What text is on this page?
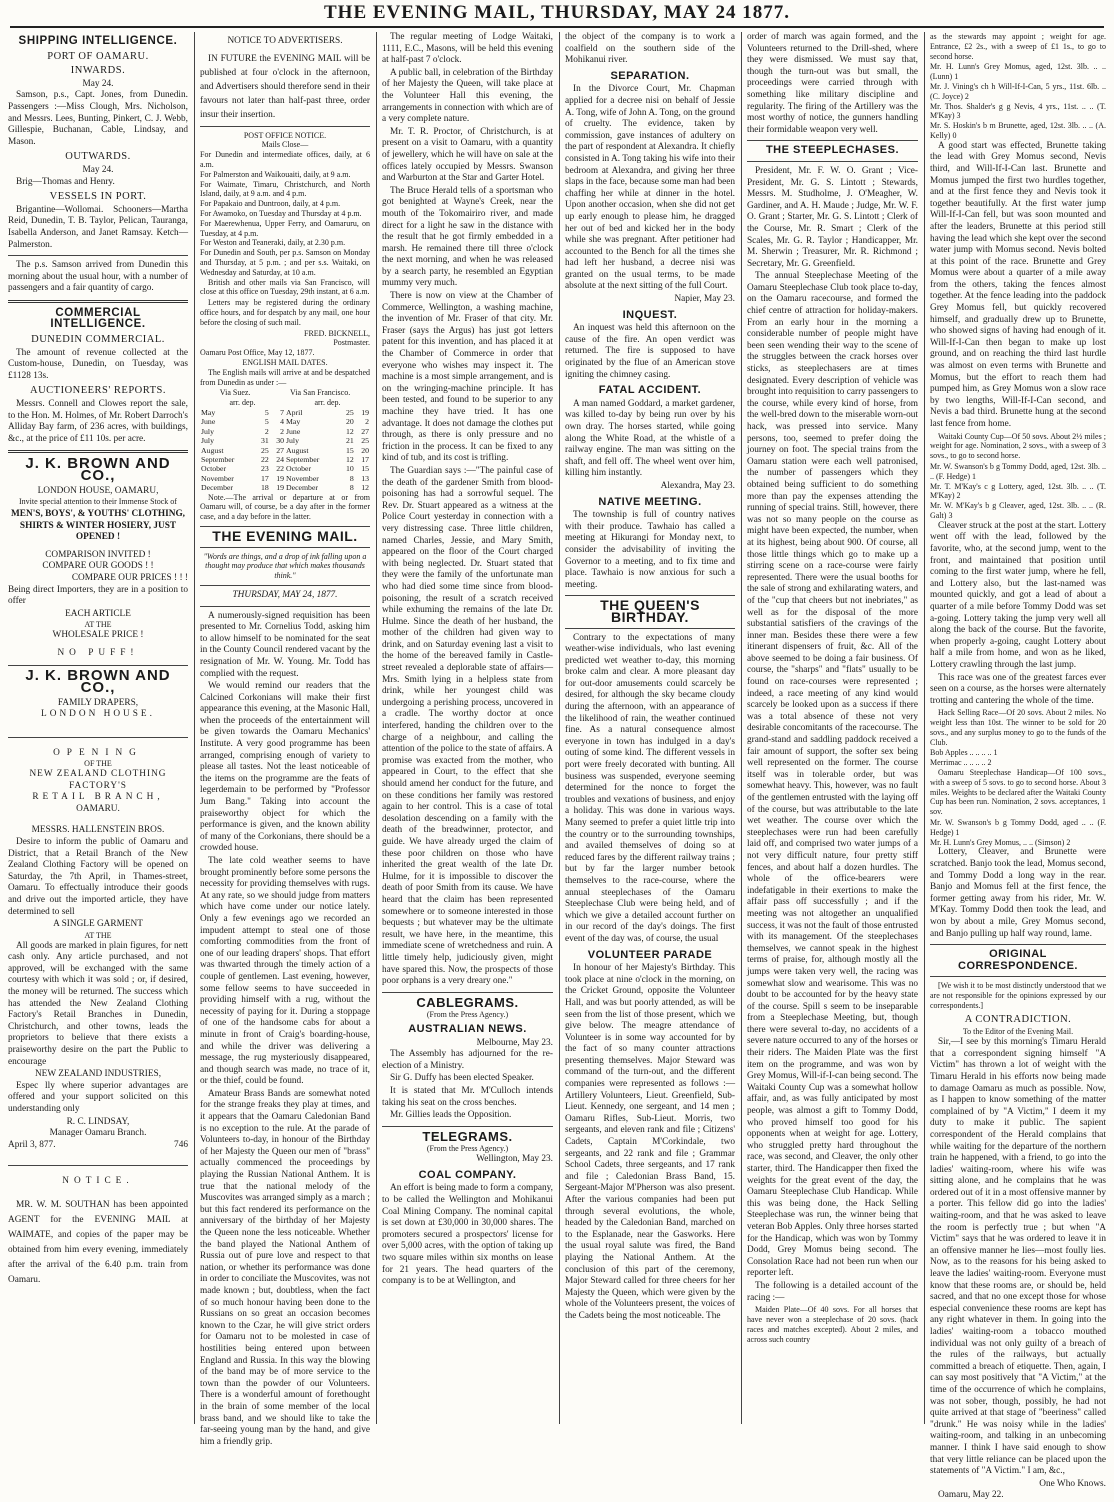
THE EVENING MAIL, THURSDAY, MAY 24 1877.
SHIPPING INTELLIGENCE.
PORT OF OAMARU.
INWARDS.
May 24.

Samson, p.s., Capt. Jones, from Dunedin. Passengers :—Miss Clough, Mrs. Nicholson, and Messrs. Lees, Bunting, Pinkert, C. J. Webb, Gillespie, Buchanan, Cable, Lindsay, and Mason.

OUTWARDS.
May 24.

Brig—Thomas and Henry.

VESSELS IN PORT.

Brigantine—Wollomai. Schooners—Martha Reid, Dunedin, T. B. Taylor, Pelican, Tauranga, Isabella Anderson, and Janet Ramsay. Ketch—Palmerston.

The p.s. Samson arrived from Dunedin this morning about the usual hour, with a number of passengers and a fair quantity of cargo.

COMMERCIAL INTELLIGENCE.
DUNEDIN COMMERCIAL.

The amount of revenue collected at the Custom-house, Dunedin, on Tuesday, was £1128 13s.

AUCTIONEERS' REPORTS.

Messrs. Connell and Clowes report the sale, to the Hon. M. Holmes, of Mr. Robert Darroch's Alliday Bay farm, of 236 acres, with buildings, &c., at the price of £11 10s. per acre.

J. K. BROWN AND CO.,
LONDON HOUSE, OAMARU,
Invite special attention to their Immense Stock of
MEN'S, BOYS', & YOUTHS' CLOTHING, SHIRTS & WINTER HOSIERY, JUST OPENED !
COMPARISON INVITED !
COMPARE OUR GOODS ! !
COMPARE OUR PRICES ! ! !

Being direct Importers, they are in a position to offer

EACH ARTICLE
AT THE
WHOLESALE PRICE !
NO PUFF!
J. K. BROWN AND CO.,
FAMILY DRAPERS,
LONDON HOUSE.
OPENING
OF THE
NEW ZEALAND CLOTHING FACTORY'S
RETAIL BRANCH,
OAMARU.
MESSRS. HALLENSTEIN BROS.

Desire to inform the public of Oamaru and District, that a Retail Branch of the New Zealand Clothing Factory will be opened on Saturday, the 7th April, in Thames-street, Oamaru. To effectually introduce their goods and drive out the imported article, they have determined to sell

A SINGLE GARMENT
AT THE

All goods are marked in plain figures, for nett cash only. Any article purchased, and not approved, will be exchanged with the same courtesy with which it was sold ; or, if desired, the money will be returned. The success which has attended the New Zealand Clothing Factory's Retail Branches in Dunedin, Christchurch, and other towns, leads the proprietors to believe that there exists a praiseworthy desire on the part the Public to encourage

NEW ZEALAND INDUSTRIES,

Espec lly where superior advantages are offered and your support solicited on this understanding only

R. C. LINDSAY,
Manager Oamaru Branch.
April 3, 877.	746
NOTICE.

MR. W. M. SOUTHAN has been appointed AGENT for the EVENING MAIL at WAIMATE, and copies of the paper may be obtained from him every evening, immediately after the arrival of the 6.40 p.m. train from Oamaru.

NOTICE TO ADVERTISERS.

IN FUTURE the EVENING MAIL will be published at four o'clock in the afternoon, and Advertisers should therefore send in their favours not later than half-past three, order insur their insertion.

POST OFFICE NOTICE.
Mails Close—
For Dunedin and intermediate offices, daily, at 6 a.m.
For Palmerston and Waikouaiti, daily, at 9 a.m.
For Waimate, Timaru, Christchurch, and North Island, daily, at 9 a.m. and 4 p.m.
For Papakaio and Duntroon, daily, at 4 p.m.
For Awamoko, on Tuesday and Thursday at 4 p.m.
For Maerewhenua, Upper Ferry, and Oamaruru, on Tuesday, at 4 p.m.
For Weston and Teaneraki, daily, at 2.30 p.m.
For Dunedin and South, per p.s. Samson on Monday and Thursday, at 5 p.m. ; and per s.s. Waitaki, on Wednesday and Saturday, at 10 a.m.

British and other mails via San Francisco, will close at this office on Tuesday, 29th instant, at 6 a.m.

Letters may be registered during the ordinary office hours, and for despatch by any mail, one hour before the closing of such mail.

FRED. BICKNELL,
Postmaster.
Oamaru Post Office, May 12, 1877.
ENGLISH MAIL DATES.

The English mails will arrive at and be despatched from Dunedin as under :—

Via Suez.	Via San Francisco.
arr. dep.	arr. dep.
May	5	7	April	25	19
June	5	4	May	20	2
July	2	2	June	12	27
July	31	30	July	21	25
August	25	27	August	15	20
September	22	24	September	12	17
October	23	22	October	10	15
November	17	19	November	8	13
December	18	19	December	8	12

Note.—The arrival or departure at or from Oamaru will, of course, be a day after in the former case, and a day before in the latter.

THE EVENING MAIL.
"Words are things, and a drop of ink falling upon a thought may produce that which makes thousands think."
THURSDAY, MAY 24, 1877.

A numerously-signed requisition has been presented to Mr. Cornelius Todd, asking him to allow himself to be nominated for the seat in the County Council rendered vacant by the resignation of Mr. W. Young. Mr. Todd has complied with the request.

We would remind our readers that the Calcined Corkonians will make their first appearance this evening, at the Masonic Hall, when the proceeds of the entertainment will be given towards the Oamaru Mechanics' Institute. A very good programme has been arranged, comprising enough of variety to please all tastes. Not the least noticeable of the items on the programme are the feats of legerdemain to be performed by "Professor Jum Bang." Taking into account the praiseworthy object for which the performance is given, and the known ability of many of the Corkonians, there should be a crowded house.

The late cold weather seems to have brought prominently before some persons the necessity for providing themselves with rugs. At any rate, so we should judge from matters which have come under our notice lately. Only a few evenings ago we recorded an impudent attempt to steal one of those comforting commodities from the front of one of our leading drapers' shops. That effort was thwarted through the timely action of a couple of gentlemen. Last evening, however, some fellow seems to have succeeded in providing himself with a rug, without the necessity of paying for it. During a stoppage of one of the handsome cabs for about a minute in front of Craig's boarding-house, and while the driver was delivering a message, the rug mysteriously disappeared, and though search was made, no trace of it, or the thief, could be found.

Amateur Brass Bands are somewhat noted for the strange freaks they play at times, and it appears that the Oamaru Caledonian Band is no exception to the rule. At the parade of Volunteers to-day, in honour of the Birthday of her Majesty the Queen our men of "brass" actually commenced the proceedings by playing the Russian National Anthem. It is true that the national melody of the Muscovites was arranged simply as a march ; but this fact rendered its performance on the anniversary of the birthday of her Majesty the Queen none the less noticeable. Whether the band played the National Anthem of Russia out of pure love and respect to that nation, or whether its performance was done in order to conciliate the Muscovites, was not made known ; but, doubtless, when the fact of so much honour having been done to the Russians on so great an occasion becomes known to the Czar, he will give strict orders for Oamaru not to be molested in case of hostilities being entered upon between England and Russia. In this way the blowing of the band may be of more service to the town than the powder of our Volunteers. There is a wonderful amount of forethought in the brain of some member of the local brass band, and we should like to take the far-seeing young man by the hand, and give him a friendly grip.

The regular meeting of Lodge Waitaki, 1111, E.C., Masons, will be held this evening at half-past 7 o'clock.

A public ball, in celebration of the Birthday of her Majesty the Queen, will take place at the Volunteer Hall this evening, the arrangements in connection with which are of a very complete nature.

Mr. T. R. Proctor, of Christchurch, is at present on a visit to Oamaru, with a quantity of jewellery, which he will have on sale at the offices lately occupied by Messrs. Swanson and Warburton at the Star and Garter Hotel.

The Bruce Herald tells of a sportsman who got benighted at Wayne's Creek, near the mouth of the Tokomairiro river, and made direct for a light he saw in the distance with the result that he got firmly embedded in a marsh. He remained there till three o'clock the next morning, and when he was released by a search party, he resembled an Egyptian mummy very much.

There is now on view at the Chamber of Commerce, Wellington, a washing machine, the invention of Mr. Fraser of that city. Mr. Fraser (says the Argus) has just got letters patent for this invention, and has placed it at the Chamber of Commerce in order that everyone who wishes may inspect it. The machine is a most simple arrangement, and is on the wringing-machine principle. It has been tested, and found to be superior to any machine they have tried. It has one advantage. It does not damage the clothes put through, as there is only pressure and no friction in the process. It can be fixed to any kind of tub, and its cost is trifling.

The Guardian says :—"The painful case of the death of the gardener Smith from blood-poisoning has had a sorrowful sequel. The Rev. Dr. Stuart appeared as a witness at the Police Court yesterday in connection with a very distressing case. Three little children, named Charles, Jessie, and Mary Smith, appeared on the floor of the Court charged with being neglected. Dr. Stuart stated that they were the family of the unfortunate man who had died some time since from blood-poisoning, the result of a scratch received while exhuming the remains of the late Dr. Hulme. Since the death of her husband, the mother of the children had given way to drink, and on Saturday evening last a visit to the home of the bereaved family in Castle-street revealed a deplorable state of affairs—Mrs. Smith lying in a helpless state from drink, while her youngest child was undergoing a perishing process, uncovered in a cradle. The worthy doctor at once interfered, handing the children over to the charge of a neighbour, and calling the attention of the police to the state of affairs. A promise was exacted from the mother, who appeared in Court, to the effect that she should amend her conduct for the future, and on these conditions her family was restored again to her control. This is a case of total desolation descending on a family with the death of the breadwinner, protector, and guide. We have already urged the claim of these poor children on those who have inherited the great wealth of the late Dr. Hulme, for it is impossible to discover the death of poor Smith from its cause. We have heard that the claim has been represented somewhere or to someone interested in those bequests ; but whatever may be the ultimate result, we have here, in the meantime, this immediate scene of wretchedness and ruin. A little timely help, judiciously given, might have spared this. Now, the prospects of those poor orphans is a very dreary one."

CABLEGRAMS.
(From the Press Agency.)
AUSTRALIAN NEWS.
Melbourne, May 23.

The Assembly has adjourned for the re-election of a Ministry.

Sir G. Duffy has been elected Speaker.

It is stated that Mr. M'Culloch intends taking his seat on the cross benches.

Mr. Gillies leads the Opposition.

TELEGRAMS.
(From the Press Agency.)
Wellington, May 23.
COAL COMPANY.

An effort is being made to form a company, to be called the Wellington and Mohikanui Coal Mining Company. The nominal capital is set down at £30,000 in 30,000 shares. The promoters secured a prospectors' license for over 5,000 acres, with the option of taking up two square miles within six months on lease for 21 years. The head quarters of the company is to be at Wellington, and

the object of the company is to work a coalfield on the southern side of the Mohikanui river.

SEPARATION.

In the Divorce Court, Mr. Chapman applied for a decree nisi on behalf of Jessie A. Tong, wife of John A. Tong, on the ground of cruelty. The evidence, taken by commission, gave instances of adultery on the part of respondent at Alexandra. It chiefly consisted in A. Tong taking his wife into their bedroom at Alexandra, and giving her three slaps in the face, because some man had been chaffing her while at dinner in the hotel. Upon another occasion, when she did not get up early enough to please him, he dragged her out of bed and kicked her in the body while she was pregnant. After petitioner had accounted to the Bench for all the times she had left her husband, a decree nisi was granted on the usual terms, to be made absolute at the next sitting of the full Court.

Napier, May 23.
INQUEST.

An inquest was held this afternoon on the cause of the fire. An open verdict was returned. The fire is supposed to have originated by the flue of an American stove igniting the chimney casing.

FATAL ACCIDENT.

A man named Goddard, a market gardener, was killed to-day by being run over by his own dray. The horses started, while going along the White Road, at the whistle of a railway engine. The man was sitting on the shaft, and fell off. The wheel went over him, killing him instantly.

Alexandra, May 23.
NATIVE MEETING.

The township is full of country natives with their produce. Tawhaio has called a meeting at Hikurangi for Monday next, to consider the advisability of inviting the Governor to a meeting, and to fix time and place. Tawhaio is now anxious for such a meeting.

THE QUEEN'S BIRTHDAY.

Contrary to the expectations of many weather-wise individuals, who last evening predicted wet weather to-day, this morning broke calm and clear. A more pleasant day for out-door amusements could scarcely be desired, for although the sky became cloudy during the afternoon, with an appearance of the likelihood of rain, the weather continued fine. As a natural consequence almost everyone in town has indulged in a day's outing of some kind. The different vessels in port were freely decorated with bunting. All business was suspended, everyone seeming determined for the nonce to forget the troubles and vexations of business, and enjoy a holiday. This was done in various ways. Many seemed to prefer a quiet little trip into the country or to the surrounding townships, and availed themselves of doing so at reduced fares by the different railway trains ; but by far the larger number betook themselves to the race-course, where the annual steeplechases of the Oamaru Steeplechase Club were being held, and of which we give a detailed account further on in our record of the day's doings. The first event of the day was, of course, the usual

VOLUNTEER PARADE

In honour of her Majesty's Birthday. This took place at nine o'clock in the morning, on the Cricket Ground, opposite the Volunteer Hall, and was but poorly attended, as will be seen from the list of those present, which we give below. The meagre attendance of Volunteer is in some way accounted for by the fact of so many counter attractions presenting themselves. Major Steward was command of the turn-out, and the different companies were represented as follows :—Artillery Volunteers, Lieut. Greenfield, Sub-Lieut. Kennedy, one sergeant, and 14 men ; Oamaru Rifles, Sub-Lieut. Morris, two sergeants, and eleven rank and file ; Citizens' Cadets, Captain M'Corkindale, two sergeants, and 22 rank and file ; Grammar School Cadets, three sergeants, and 17 rank and file ; Caledonian Brass Band, 15. Sergeant-Major M'Pherson was also present. After the various companies had been put through several evolutions, the whole, headed by the Caledonian Band, marched on to the Esplanade, near the Gasworks. Here the usual royal salute was fired, the Band playing the National Anthem. At the conclusion of this part of the ceremony, Major Steward called for three cheers for her Majesty the Queen, which were given by the whole of the Volunteers present, the voices of the Cadets being the most noticeable. The

order of march was again formed, and the Volunteers returned to the Drill-shed, where they were dismissed. We must say that, though the turn-out was but small, the proceedings were carried through with something like military discipline and regularity. The firing of the Artillery was the most worthy of notice, the gunners handling their formidable weapon very well.

THE STEEPLECHASES.

President, Mr. F. W. O. Grant ; Vice-President, Mr. G. S. Lintott ; Stewards, Messrs. M. Studholme, J. O'Meagher, W. Gardiner, and A. H. Maude ; Judge, Mr. W. F. O. Grant ; Starter, Mr. G. S. Lintott ; Clerk of the Course, Mr. R. Smart ; Clerk of the Scales, Mr. G. R. Taylor ; Handicapper, Mr. M. Sherwin ; Treasurer, Mr. R. Richmond ; Secretary, Mr. G. Greenfield.

The annual Steeplechase Meeting of the Oamaru Steeplechase Club took place to-day, on the Oamaru racecourse, and formed the chief centre of attraction for holiday-makers. From an early hour in the morning a considerable number of people might have been seen wending their way to the scene of the struggles between the crack horses over sticks, as steeplechasers are at times designated. Every description of vehicle was brought into requisition to carry passengers to the course, while every kind of horse, from the well-bred down to the miserable worn-out hack, was pressed into service. Many persons, too, seemed to prefer doing the journey on foot. The special trains from the Oamaru station were each well patronised, the number of passengers which they obtained being sufficient to do something more than pay the expenses attending the running of special trains. Still, however, there was not so many people on the course as might have been expected, the number, when at its highest, being about 900. Of course, all those little things which go to make up a stirring scene on a race-course were fairly represented. There were the usual booths for the sale of strong and exhilarating waters, and of the "cup that cheers but not inebriates," as well as for the disposal of the more substantial satisfiers of the cravings of the inner man. Besides these there were a few itinerant dispensers of fruit, &c. All of the above seemed to be doing a fair business. Of course, the "sharps" and "flats" usually to be found on race-courses were represented ; indeed, a race meeting of any kind would scarcely be looked upon as a success if there was a total absence of these not very desirable concomitants of the racecourse. The grand-stand and saddling paddock received a fair amount of support, the softer sex being well represented on the former. The course itself was in tolerable order, but was somewhat heavy. This, however, was no fault of the gentlemen entrusted with the laying off of the course, but was attributable to the late wet weather. The course over which the steeplechases were run had been carefully laid off, and comprised two water jumps of a not very difficult nature, four pretty stiff fences, and about half a dozen hurdles. The whole of the office-bearers were indefatigable in their exertions to make the affair pass off successfully ; and if the meeting was not altogether an unqualified success, it was not the fault of those entrusted with its management. Of the steeplechases themselves, we cannot speak in the highest terms of praise, for, although mostly all the jumps were taken very well, the racing was somewhat slow and wearisome. This was no doubt to be accounted for by the heavy state of the course. Spill s seem to be inseparable from a Steeplechase Meeting, but, though there were several to-day, no accidents of a severe nature occurred to any of the horses or their riders. The Maiden Plate was the first item on the programme, and was won by Grey Momus, Will-if-I-can being second. The Waitaki County Cup was a somewhat hollow affair, and, as was fully anticipated by most people, was almost a gift to Tommy Dodd, who proved himself too good for his opponents when at weight for age. Lottery, who struggled pretty hard throughout the race, was second, and Cleaver, the only other starter, third. The Handicapper then fixed the weights for the great event of the day, the Oamaru Steeplechase Club Handicap. While this was being done, the Hack Selling Steeplechase was run, the winner being that veteran Bob Apples. Only three horses started for the Handicap, which was won by Tommy Dodd, Grey Momus being second. The Consolation Race had not been run when our reporter left.

The following is a detailed account of the racing :—

Maiden Plate—Of 40 sovs. For all horses that have never won a steeplechase of 20 sovs. (hack races and matches excepted). About 2 miles, and across such country

as the stewards may appoint ; weight for age. Entrance, £2 2s., with a sweep of £1 1s., to go to second horse.

Mr. H. Lunn's Grey Momus, aged, 12st. 3lb. .. .. (Lunn) 1
Mr. J. Vining's ch h Will-If-I-Can, 5 yrs., 11st. 6lb. .. (C. Joyce) 2
Mr. Thos. Shalder's g g Nevis, 4 yrs., 11st. .. .. (T. M'Kay) 3
Mr. S. Hoskin's b m Brunette, aged, 12st. 3lb. .. .. (A. Kelly) 0

A good start was effected, Brunette taking the lead with Grey Momus second, Nevis third, and Will-If-I-Can last. Brunette and Momus jumped the first two hurdles together, and at the first fence they and Nevis took it together beautifully. At the first water jump Will-If-I-Can fell, but was soon mounted and after the leaders, Brunette at this period still having the lead which she kept over the second water jump with Momus second. Nevis bolted at this point of the race. Brunette and Grey Momus were about a quarter of a mile away from the others, taking the fences almost together. At the fence leading into the paddock Grey Momus fell, but quickly recovered himself, and gradually drew up to Brunette, who showed signs of having had enough of it. Will-If-I-Can then began to make up lost ground, and on reaching the third last hurdle was almost on even terms with Brunette and Momus, but the effort to reach them had pumped him, as Grey Momus won a slow race by two lengths, Will-If-I-Can second, and Nevis a bad third. Brunette hung at the second last fence from home.

Waitaki County Cup—Of 50 sovs. About 2½ miles ; weight for age. Nomination, 2 sovs., with a sweep of 3 sovs., to go to second horse.

Mr. W. Swanson's b g Tommy Dodd, aged, 12st. 3lb. .. .. (F. Hedge) 1
Mr. T. M'Kay's c g Lottery, aged, 12st. 3lb. .. .. (T. M'Kay) 2
Mr. W. M'Kay's b g Cleaver, aged, 12st. 3lb. .. .. (R. Galt) 3

Cleaver struck at the post at the start. Lottery went off with the lead, followed by the favorite, who, at the second jump, went to the front, and maintained that position until coming to the first water jump, where he fell, and Lottery also, but the last-named was mounted quickly, and got a lead of about a quarter of a mile before Tommy Dodd was set a-going. Lottery taking the jump very well all along the back of the course. But the favorite, when properly a-going, caught Lottery about half a mile from home, and won as he liked, Lottery crawling through the last jump.

This race was one of the greatest farces ever seen on a course, as the horses were alternately trotting and cantering the whole of the time.

Hack Selling Race—Of 20 sovs. About 2 miles. No weight less than 10st. The winner to be sold for 20 sovs., and any surplus money to go to the funds of the Club.

Bob Apples .. .. .. .. 1
Merrimac .. .. .. .. 2

Oamaru Steeplechase Handicap—Of 100 sovs., with a sweep of 5 sovs. to go to second horse. About 3 miles. Weights to be declared after the Waitaki County Cup has been run. Nomination, 2 sovs. acceptances, 1 sov.

Mr. W. Swanson's b g Tommy Dodd, aged .. .. (F. Hedge) 1
Mr. H. Lunn's Grey Momus, .. .. (Simson) 2

Lottery, Cleaver, and Brunette were scratched. Banjo took the lead, Momus second, and Tommy Dodd a long way in the rear. Banjo and Momus fell at the first fence, the former getting away from his rider, Mr. W. M'Kay. Tommy Dodd then took the lead, and won by about a mile, Grey Momus second, and Banjo pulling up half way round, lame.

ORIGINAL CORRESPONDENCE.

[We wish it to be most distinctly understood that we are not responsible for the opinions expressed by our correspondents.]

A CONTRADICTION.
To the Editor of the Evening Mail.

Sir,—I see by this morning's Timaru Herald that a correspondent signing himself "A Victim" has thrown a lot of weight with the Timaru Herald in his efforts now being made to damage Oamaru as much as possible. Now, as I happen to know something of the matter complained of by "A Victim," I deem it my duty to make it public. The sapient correspondent of the Herald complains that while waiting for the departure of the northern train he happened, with a friend, to go into the ladies' waiting-room, where his wife was sitting alone, and he complains that he was ordered out of it in a most offensive manner by a porter. This fellow did go into the ladies' waiting-room, and that he was asked to leave the room is perfectly true ; but when "A Victim" says that he was ordered to leave it in an offensive manner he lies—most foully lies. Now, as to the reasons for his being asked to leave the ladies' waiting-room. Everyone must know that these rooms are, or should be, held sacred, and that no one except those for whose especial convenience these rooms are kept has any right whatever in them. In going into the ladies' waiting-room a tobacco mouthed individual was not only guilty of a breach of the rules of the railways, but actually committed a breach of etiquette. Then, again, I can say most positively that "A Victim," at the time of the occurrence of which he complains, was not sober, though, possibly, he had not quite arrived at that stage of "beeriness" called "drunk." He was noisy while in the ladies' waiting-room, and talking in an unbecoming manner. I think I have said enough to show that very little reliance can be placed upon the statements of "A Victim." I am, &c.,

One Who Knows.

Oamaru, May 22.
